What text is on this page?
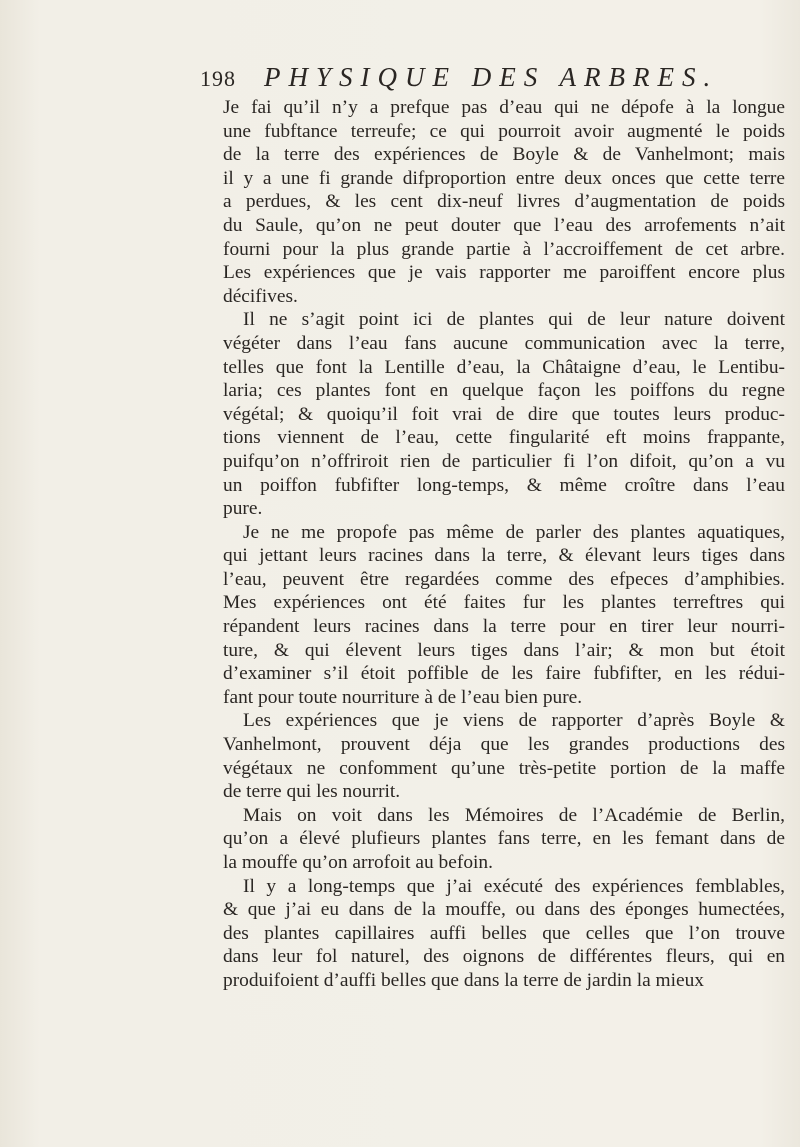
198 PHYSIQUE DES ARBRES.
Je fai qu’il n’y a prefque pas d’eau qui ne dépofe à la longue
une fubftance terreufe; ce qui pourroit avoir augmenté le poids
de la terre des expériences de Boyle & de Vanhelmont; mais
il y a une fi grande difproportion entre deux onces que cette terre
a perdues, & les cent dix-neuf livres d’augmentation de poids
du Saule, qu’on ne peut douter que l’eau des arrofements n’ait
fourni pour la plus grande partie à l’accroiffement de cet arbre.
Les expériences que je vais rapporter me paroiffent encore plus
décifives.
Il ne s’agit point ici de plantes qui de leur nature doivent
végéter dans l’eau fans aucune communication avec la terre,
telles que font la Lentille d’eau, la Châtaigne d’eau, le Lentibu-
laria; ces plantes font en quelque façon les poiffons du regne
végétal; & quoiqu’il foit vrai de dire que toutes leurs produc-
tions viennent de l’eau, cette fingularité eft moins frappante,
puifqu’on n’offriroit rien de particulier fi l’on difoit, qu’on a vu
un poiffon fubfifter long-temps, & même croître dans l’eau
pure.
Je ne me propofe pas même de parler des plantes aquatiques,
qui jettant leurs racines dans la terre, & élevant leurs tiges dans
l’eau, peuvent être regardées comme des efpeces d’amphibies.
Mes expériences ont été faites fur les plantes terreftres qui
répandent leurs racines dans la terre pour en tirer leur nourri-
ture, & qui élevent leurs tiges dans l’air; & mon but étoit
d’examiner s’il étoit poffible de les faire fubfifter, en les rédui-
fant pour toute nourriture à de l’eau bien pure.
Les expériences que je viens de rapporter d’après Boyle &
Vanhelmont, prouvent déja que les grandes productions des
végétaux ne confomment qu’une très-petite portion de la maffe
de terre qui les nourrit.
Mais on voit dans les Mémoires de l’Académie de Berlin,
qu’on a élevé plufieurs plantes fans terre, en les femant dans de
la mouffe qu’on arrofoit au befoin.
Il y a long-temps que j’ai exécuté des expériences femblables,
& que j’ai eu dans de la mouffe, ou dans des éponges humectées,
des plantes capillaires auffi belles que celles que l’on trouve
dans leur fol naturel, des oignons de différentes fleurs, qui en
produifoient d’auffi belles que dans la terre de jardin la mieux
